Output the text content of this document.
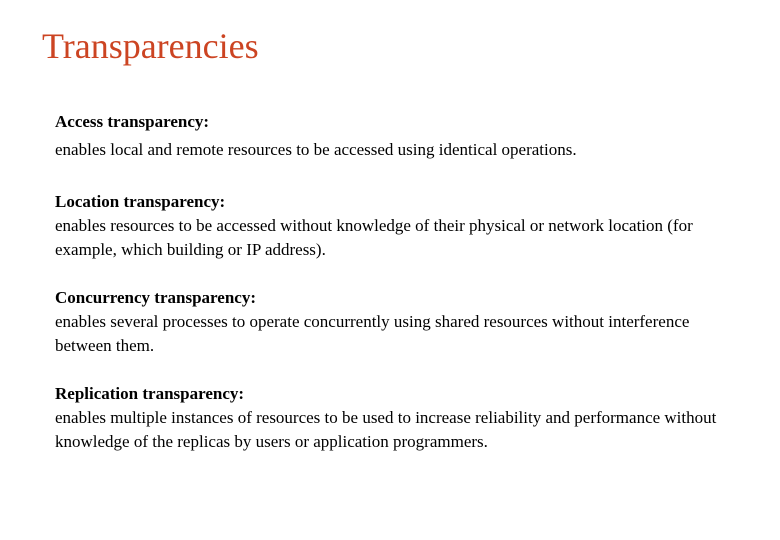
Transparencies
Access transparency:
enables local and remote resources to be accessed using identical operations.
Location transparency:
enables resources to be accessed without knowledge of their physical or network location (for example, which building or IP address).
Concurrency transparency:
enables several processes to operate concurrently using shared resources without interference between them.
Replication transparency:
enables multiple instances of resources to be used to increase reliability and performance without knowledge of the replicas by users or application programmers.
